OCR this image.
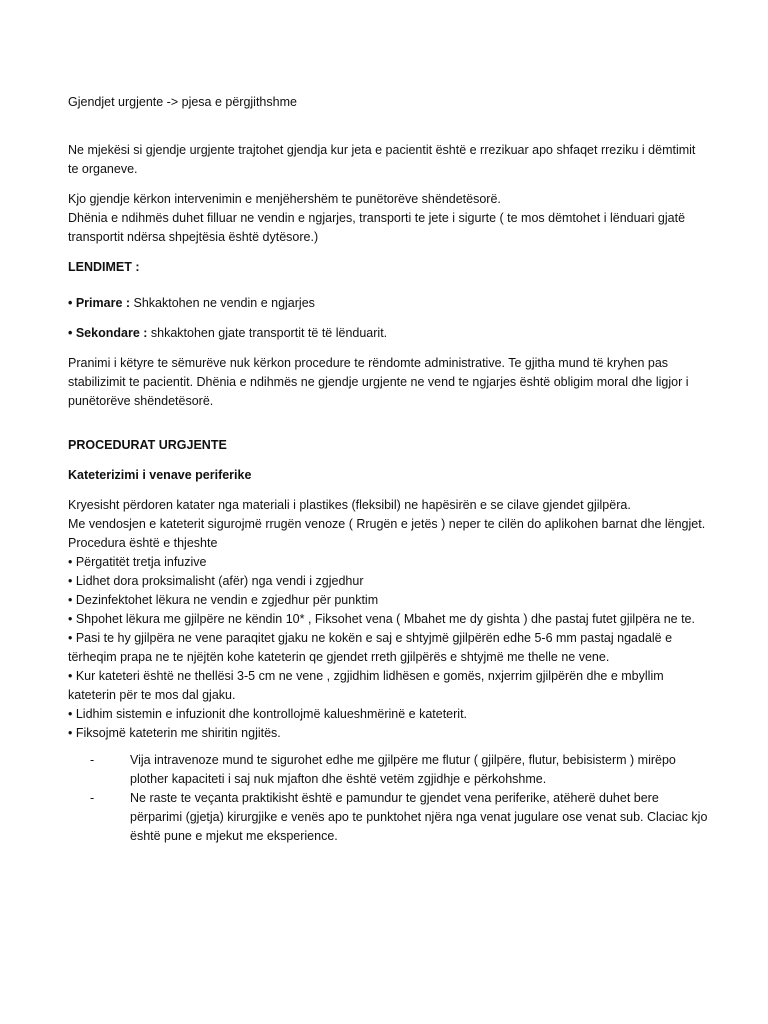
Gjendjet urgjente -> pjesa e përgjithshme

Ne mjekësi si gjendje urgjente trajtohet gjendja kur jeta e pacientit është e rrezikuar apo shfaqet rreziku i dëmtimit te organeve.

Kjo gjendje kërkon intervenimin e menjëhershëm te punëtorëve shëndetësorë.
Dhënia e ndihmës duhet filluar ne vendin e ngjarjes, transporti te jete i sigurte ( te mos dëmtohet i lënduari gjatë transportit ndërsa shpejtësia është dytësore.)

LENDIMET :

• Primare : Shkaktohen ne vendin e ngjarjes

• Sekondare : shkaktohen gjate transportit të të lënduarit.

Pranimi i këtyre te sëmurëve nuk kërkon procedure te rëndomte administrative. Te gjitha mund të kryhen pas stabilizimit te pacientit. Dhënia e ndihmës ne gjendje urgjente ne vend te ngjarjes është obligim moral dhe ligjor i punëtorëve shëndetësorë.

PROCEDURAT URGJENTE

Kateterizimi i venave periferike

Kryesisht përdoren katater nga materiali i plastikes (fleksibil) ne hapësirën e se cilave gjendet gjilpëra.
Me vendosjen e kateterit sigurojmë rrugën venoze ( Rrugën e jetës ) neper te cilën do aplikohen barnat dhe lëngjet.
Procedura është e thjeshte
• Përgatitët tretja infuzive
• Lidhet dora proksimalisht (afër) nga vendi i zgjedhur
• Dezinfektohet lëkura ne vendin e zgjedhur për punktim
• Shpohet lëkura me gjilpëre ne këndin 10* , Fiksohet vena ( Mbahet me dy gishta ) dhe pastaj futet gjilpëra ne te.
• Pasi te hy gjilpëra ne vene paraqitet gjaku ne kokën e saj e shtyjmë gjilpërën edhe 5-6 mm pastaj ngadalë e tërheqim prapa ne te njëjtën kohe kateterin qe gjendet rreth gjilpërës e shtyjmë me thelle ne vene.
• Kur kateteri është ne thellësi 3-5 cm ne vene , zgjidhim lidhësen e gomës, nxjerrim gjilpërën dhe e mbyllim kateterin për te mos dal gjaku.
• Lidhim sistemin e infuzionit dhe kontrollojmë kalueshmërinë e kateterit.
• Fiksojmë kateterin me shiritin ngjitës.
-	Vija intravenoze mund te sigurohet edhe me gjilpëre me flutur ( gjilpëre, flutur, bebisisterm ) mirëpo plother kapaciteti i saj nuk mjafton dhe është vetëm zgjidhje e përkohshme.
-	Ne raste te veçanta praktikisht është e pamundur te gjendet vena periferike, atëherë duhet bere përparimi (gjetja) kirurgjike e venës apo te punktohet njëra nga venat jugulare ose venat sub. Claciac kjo është pune e mjekut me eksperience.
